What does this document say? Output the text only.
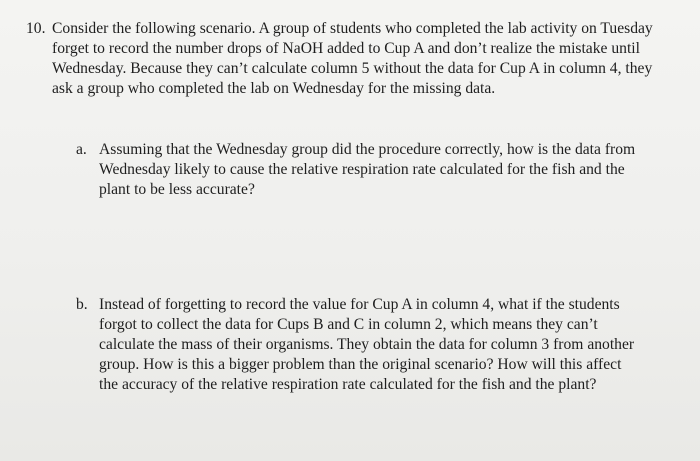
10. Consider the following scenario. A group of students who completed the lab activity on Tuesday forget to record the number drops of NaOH added to Cup A and don’t realize the mistake until Wednesday. Because they can’t calculate column 5 without the data for Cup A in column 4, they ask a group who completed the lab on Wednesday for the missing data.
a. Assuming that the Wednesday group did the procedure correctly, how is the data from Wednesday likely to cause the relative respiration rate calculated for the fish and the plant to be less accurate?
b. Instead of forgetting to record the value for Cup A in column 4, what if the students forgot to collect the data for Cups B and C in column 2, which means they can’t calculate the mass of their organisms. They obtain the data for column 3 from another group. How is this a bigger problem than the original scenario? How will this affect the accuracy of the relative respiration rate calculated for the fish and the plant?
